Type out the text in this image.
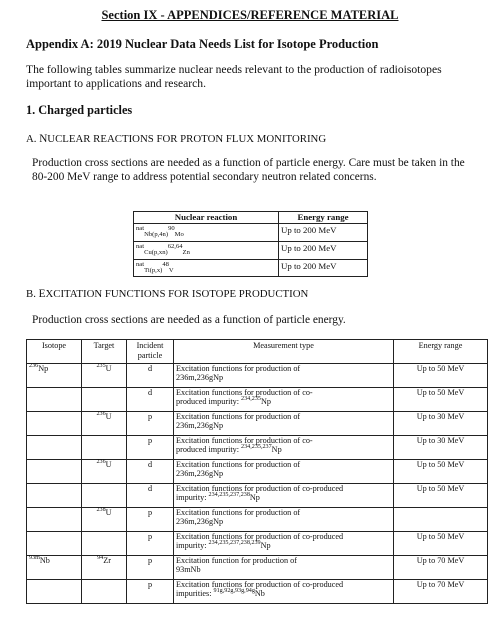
Section IX - APPENDICES/REFERENCE MATERIAL
Appendix A: 2019 Nuclear Data Needs List for Isotope Production
The following tables summarize nuclear needs relevant to the production of radioisotopes important to applications and research.
1. Charged particles
A. NUCLEAR REACTIONS FOR PROTON FLUX MONITORING
Production cross sections are needed as a function of particle energy. Care must be taken in the 80-200 MeV range to address potential secondary neutron related concerns.
Nuclear reaction	Energy range
$^{nat}_{Nb(p,4n)}^{90}_{Mo}$	Up to 200 MeV
$^{nat}_{Cu(p,xn)}^{62,64}_{Zn}$	Up to 200 MeV
$^{nat}_{Ti(p,x)}^{48}_V$	Up to 200 MeV
B. EXCITATION FUNCTIONS FOR ISOTOPE PRODUCTION
Production cross sections are needed as a function of particle energy.
Isotope	Target	Incident particle	Measurement type	Energy range
$^{236}$Np	$^{235}$U	d	Excitation functions for production of
236m,236gNp	Up to 50 MeV
		d	Excitation functions for production of co-
produced impurity: $^{234,235}$Np	Up to 50 MeV
	$^{236}$U	p	Excitation functions for production of
236m,236gNp	Up to 30 MeV
		p	Excitation functions for production of co-
produced impurity: $^{234,235,237}$Np	Up to 30 MeV
	$^{236}$U	d	Excitation functions for production of
236m,236gNp	Up to 50 MeV
		d	Excitation functions for production of co-produced
impurity: $^{234,235,237,238}$Np	Up to 50 MeV
	$^{238}$U	p	Excitation functions for production of
236m,236gNp	

		p	Excitation functions for production of co-produced
impurity: $^{234,235,237,238,239}$Np	Up to 50 MeV
$^{93m}$Nb	$^{94}$Zr	p	Excitation function for production of
93mNb	Up to 70 MeV
		p	Excitation functions for production of co-produced
impurities: $^{91g,92g,93g,94g}$Nb	Up to 70 MeV
